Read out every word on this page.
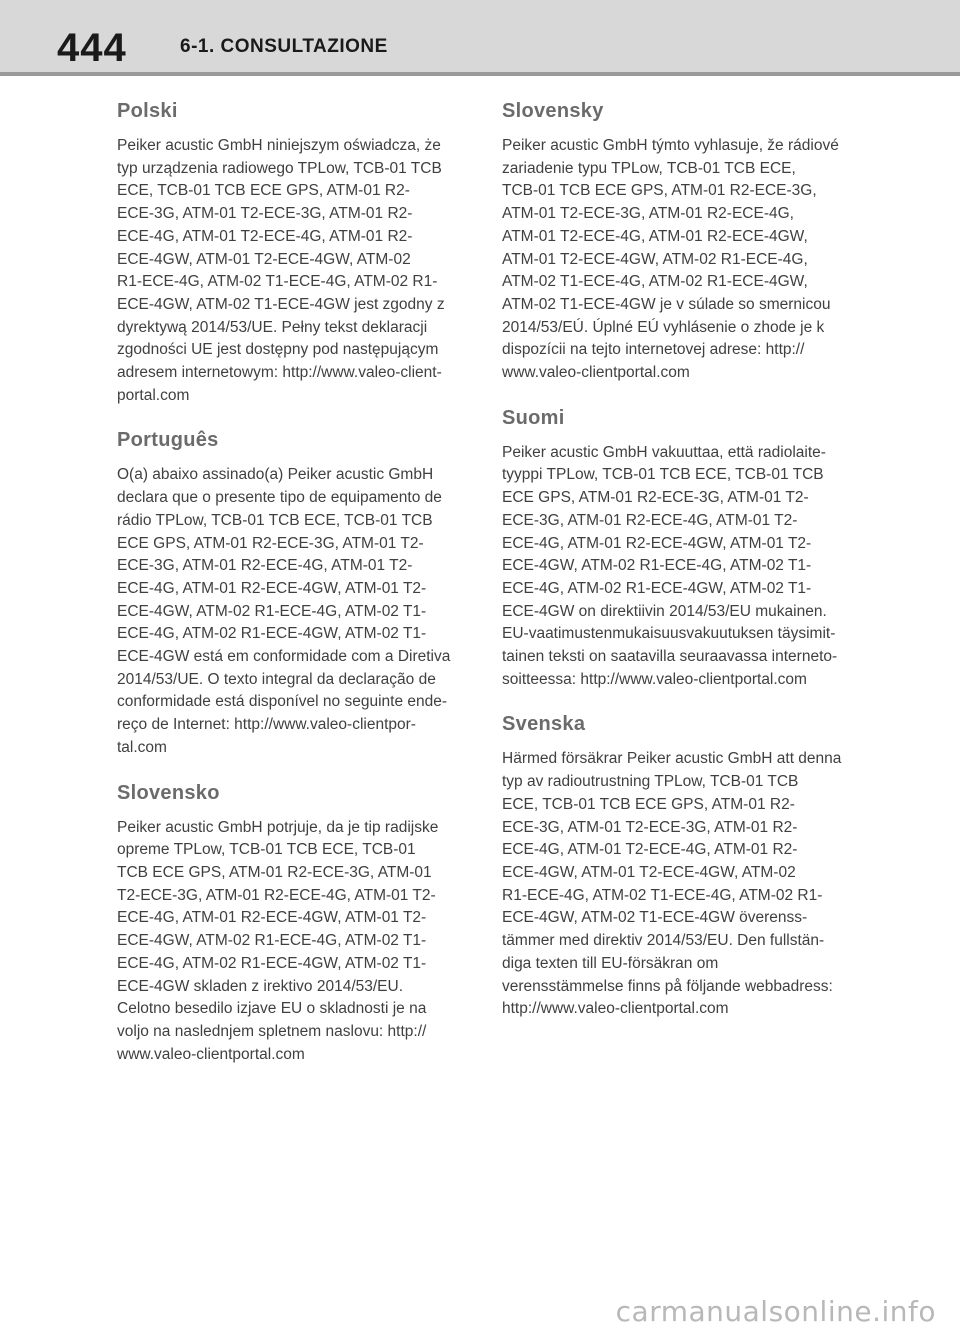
444	6-1. CONSULTAZIONE
Polski

Peiker acustic GmbH niniejszym oświadcza, że
typ urządzenia radiowego TPLow, TCB-01 TCB
ECE, TCB-01 TCB ECE GPS, ATM-01 R2-
ECE-3G, ATM-01 T2-ECE-3G, ATM-01 R2-
ECE-4G, ATM-01 T2-ECE-4G, ATM-01 R2-
ECE-4GW, ATM-01 T2-ECE-4GW, ATM-02
R1-ECE-4G, ATM-02 T1-ECE-4G, ATM-02 R1-
ECE-4GW, ATM-02 T1-ECE-4GW jest zgodny z
dyrektywą 2014/53/UE. Pełny tekst deklaracji
zgodności UE jest dostępny pod następującym
adresem internetowym: http://www.valeo-client-
portal.com

Português

O(a) abaixo assinado(a) Peiker acustic GmbH
declara que o presente tipo de equipamento de
rádio TPLow, TCB-01 TCB ECE, TCB-01 TCB
ECE GPS, ATM-01 R2-ECE-3G, ATM-01 T2-
ECE-3G, ATM-01 R2-ECE-4G, ATM-01 T2-
ECE-4G, ATM-01 R2-ECE-4GW, ATM-01 T2-
ECE-4GW, ATM-02 R1-ECE-4G, ATM-02 T1-
ECE-4G, ATM-02 R1-ECE-4GW, ATM-02 T1-
ECE-4GW está em conformidade com a Diretiva
2014/53/UE. O texto integral da declaração de
conformidade está disponível no seguinte ende-
reço de Internet: http://www.valeo-clientpor-
tal.com

Slovensko

Peiker acustic GmbH potrjuje, da je tip radijske
opreme TPLow, TCB-01 TCB ECE, TCB-01
TCB ECE GPS, ATM-01 R2-ECE-3G, ATM-01
T2-ECE-3G, ATM-01 R2-ECE-4G, ATM-01 T2-
ECE-4G, ATM-01 R2-ECE-4GW, ATM-01 T2-
ECE-4GW, ATM-02 R1-ECE-4G, ATM-02 T1-
ECE-4G, ATM-02 R1-ECE-4GW, ATM-02 T1-
ECE-4GW skladen z irektivo 2014/53/EU.
Celotno besedilo izjave EU o skladnosti je na
voljo na naslednjem spletnem naslovu: http://
www.valeo-clientportal.com

Slovensky

Peiker acustic GmbH týmto vyhlasuje, že rádiové
zariadenie typu TPLow, TCB-01 TCB ECE,
TCB-01 TCB ECE GPS, ATM-01 R2-ECE-3G,
ATM-01 T2-ECE-3G, ATM-01 R2-ECE-4G,
ATM-01 T2-ECE-4G, ATM-01 R2-ECE-4GW,
ATM-01 T2-ECE-4GW, ATM-02 R1-ECE-4G,
ATM-02 T1-ECE-4G, ATM-02 R1-ECE-4GW,
ATM-02 T1-ECE-4GW je v súlade so smernicou
2014/53/EÚ. Úplné EÚ vyhlásenie o zhode je k
dispozícii na tejto internetovej adrese: http://
www.valeo-clientportal.com

Suomi

Peiker acustic GmbH vakuuttaa, että radiolaite-
tyyppi TPLow, TCB-01 TCB ECE, TCB-01 TCB
ECE GPS, ATM-01 R2-ECE-3G, ATM-01 T2-
ECE-3G, ATM-01 R2-ECE-4G, ATM-01 T2-
ECE-4G, ATM-01 R2-ECE-4GW, ATM-01 T2-
ECE-4GW, ATM-02 R1-ECE-4G, ATM-02 T1-
ECE-4G, ATM-02 R1-ECE-4GW, ATM-02 T1-
ECE-4GW on direktiivin 2014/53/EU mukainen.
EU-vaatimustenmukaisuusvakuutuksen täysimit-
tainen teksti on saatavilla seuraavassa interneto-
soitteessa: http://www.valeo-clientportal.com

Svenska

Härmed försäkrar Peiker acustic GmbH att denna
typ av radioutrustning TPLow, TCB-01 TCB
ECE, TCB-01 TCB ECE GPS, ATM-01 R2-
ECE-3G, ATM-01 T2-ECE-3G, ATM-01 R2-
ECE-4G, ATM-01 T2-ECE-4G, ATM-01 R2-
ECE-4GW, ATM-01 T2-ECE-4GW, ATM-02
R1-ECE-4G, ATM-02 T1-ECE-4G, ATM-02 R1-
ECE-4GW, ATM-02 T1-ECE-4GW överenss-
tämmer med direktiv 2014/53/EU. Den fullstän-
diga texten till EU-försäkran om
verensstämmelse finns på följande webbadress:
http://www.valeo-clientportal.com

carmanualsonline.info
